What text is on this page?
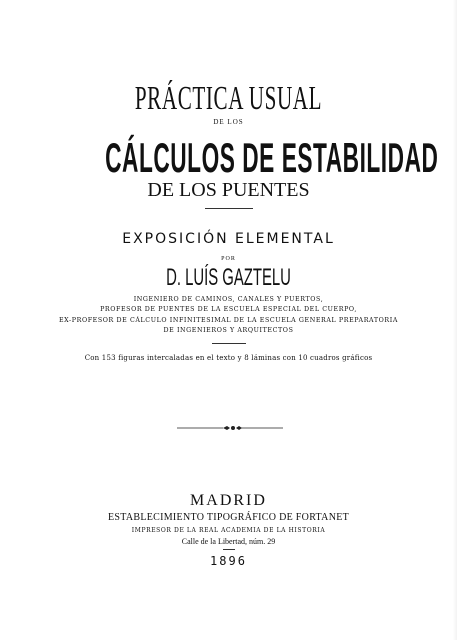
PRÁCTICA USUAL
DE LOS
CÁLCULOS DE ESTABILIDAD
DE LOS PUENTES
EXPOSICIÓN ELEMENTAL
POR
D. LUÍS GAZTELU
INGENIERO DE CAMINOS, CANALES Y PUERTOS,
PROFESOR DE PUENTES DE LA ESCUELA ESPECIAL DEL CUERPO,
EX-PROFESOR DE CÁLCULO INFINITESIMAL DE LA ESCUELA GENERAL PREPARATORIA
DE INGENIEROS Y ARQUITECTOS
Con 153 figuras intercaladas en el texto y 8 láminas con 10 cuadros gráficos
MADRID
ESTABLECIMIENTO TIPOGRÁFICO DE FORTANET
IMPRESOR DE LA REAL ACADEMIA DE LA HISTORIA
Calle de la Libertad, núm. 29
1896
